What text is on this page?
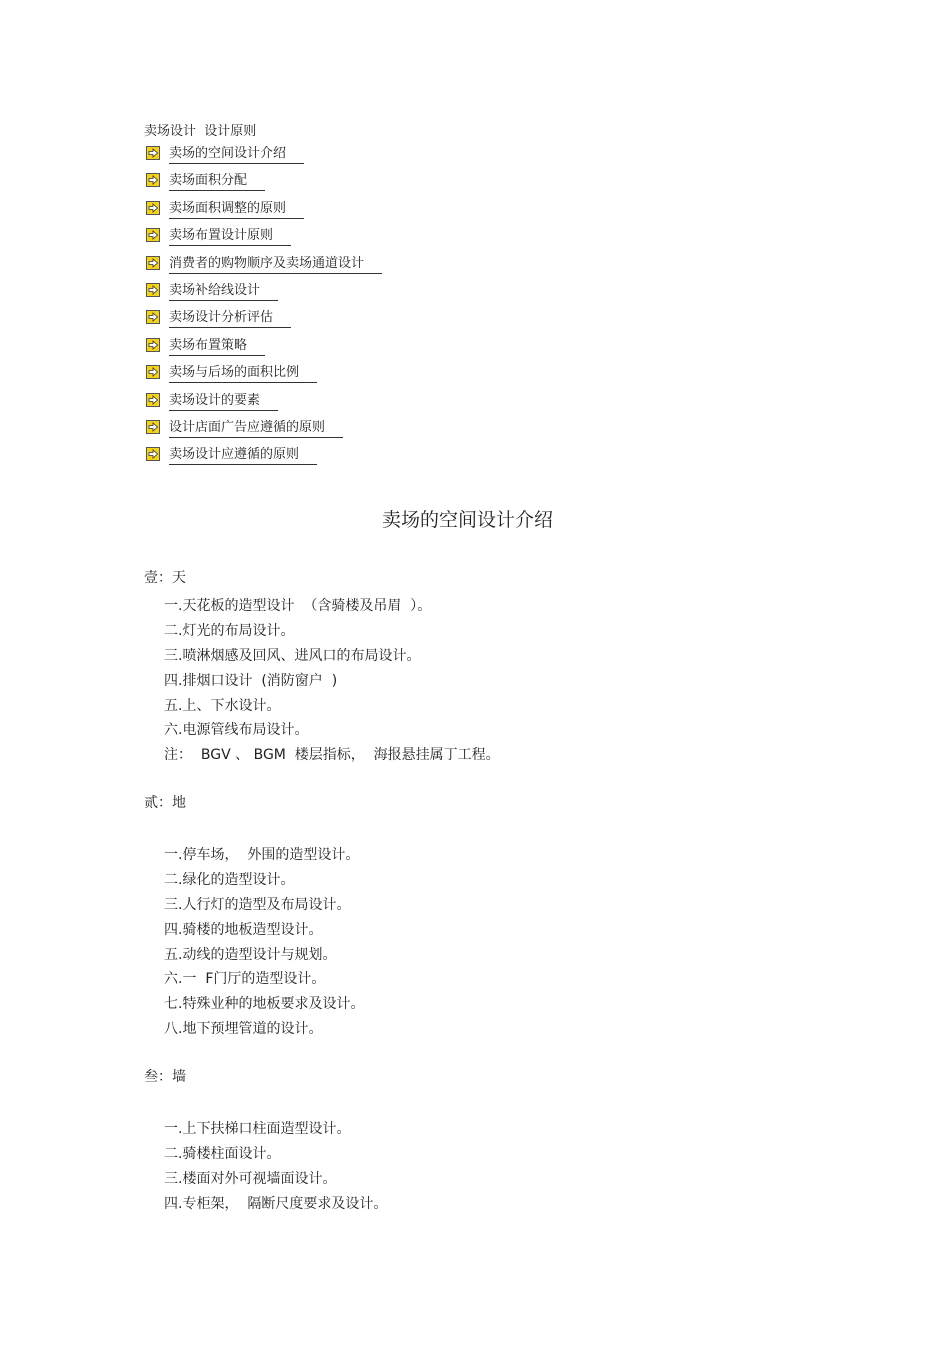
卖场设计  设计原则
卖场的空间设计介绍
卖场面积分配
卖场面积调整的原则
卖场布置设计原则
消费者的购物顺序及卖场通道设计
卖场补给线设计
卖场设计分析评估
卖场布置策略
卖场与后场的面积比例
卖场设计的要素
设计店面广告应遵循的原则
卖场设计应遵循的原则
卖场的空间设计介绍
壹：天
一.天花板的造型设计  （含骑楼及吊眉  ）。
二.灯光的布局设计。
三.喷淋烟感及回风、进风口的布局设计。
四.排烟口设计  (消防窗户  )
五.上、下水设计。
六.电源管线布局设计。
注：  BGV 、 BGM  楼层指标，  海报悬挂属丁工程。
贰：地
一.停车场，  外围的造型设计。
二.绿化的造型设计。
三.人行灯的造型及布局设计。
四.骑楼的地板造型设计。
五.动线的造型设计与规划。
六.一  F门厅的造型设计。
七.特殊业种的地板要求及设计。
八.地下预埋管道的设计。
叁：墙
一.上下扶梯口柱面造型设计。
二.骑楼柱面设计。
三.楼面对外可视墙面设计。
四.专柜架，  隔断尺度要求及设计。
